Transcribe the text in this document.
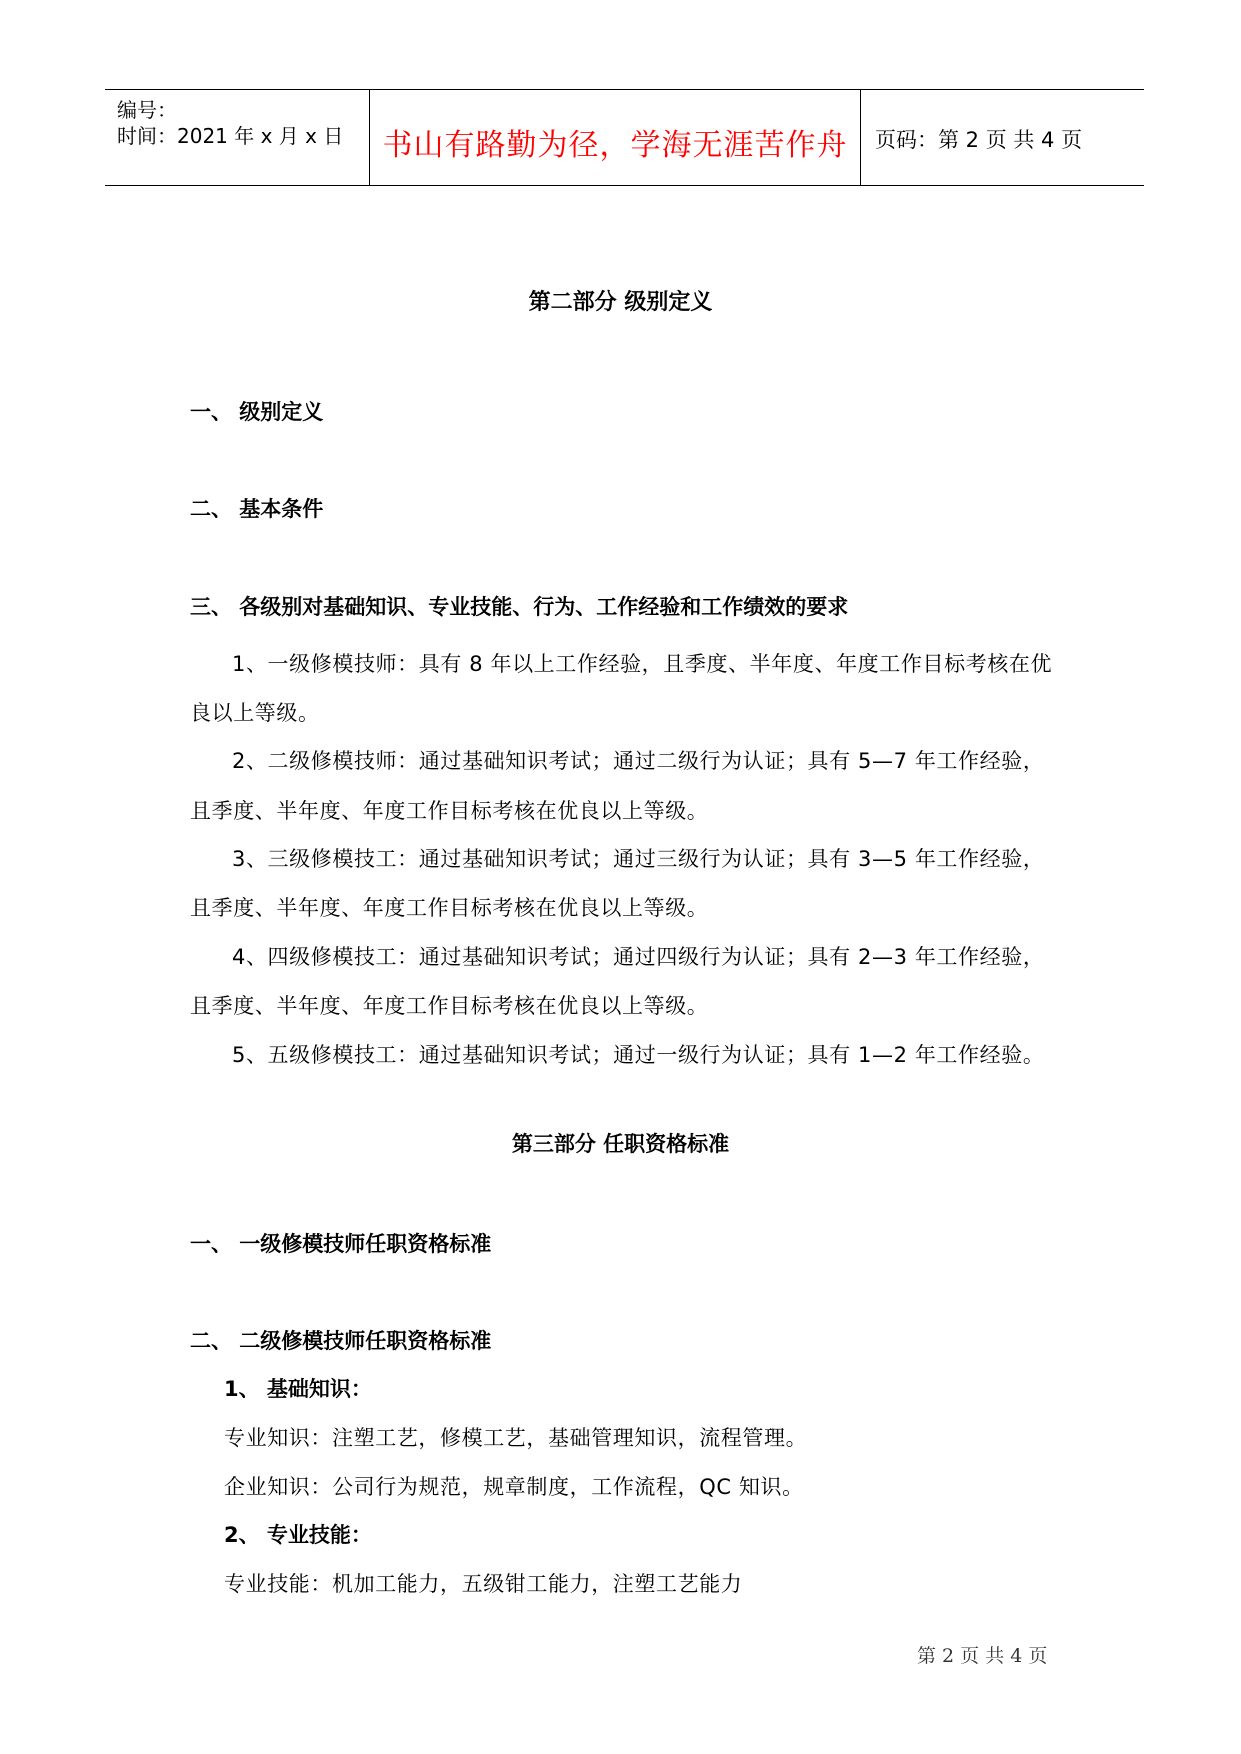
编号：
时间：2021 年 x 月 x 日	书山有路勤为径，学海无涯苦作舟	页码：第 2 页 共 4 页
第二部分 级别定义
一、 级别定义
二、 基本条件
三、 各级别对基础知识、专业技能、行为、工作经验和工作绩效的要求
1、一级修模技师：具有 8 年以上工作经验，且季度、半年度、年度工作目标考核在优
良以上等级。
2、二级修模技师：通过基础知识考试；通过二级行为认证；具有 5—7 年工作经验，
且季度、半年度、年度工作目标考核在优良以上等级。
3、三级修模技工：通过基础知识考试；通过三级行为认证；具有 3—5 年工作经验，
且季度、半年度、年度工作目标考核在优良以上等级。
4、四级修模技工：通过基础知识考试；通过四级行为认证；具有 2—3 年工作经验，
且季度、半年度、年度工作目标考核在优良以上等级。
5、五级修模技工：通过基础知识考试；通过一级行为认证；具有 1—2 年工作经验。
第三部分 任职资格标准
一、 一级修模技师任职资格标准
二、 二级修模技师任职资格标准
1、 基础知识：
专业知识：注塑工艺，修模工艺，基础管理知识，流程管理。
企业知识：公司行为规范，规章制度，工作流程，QC 知识。
2、 专业技能：
专业技能：机加工能力，五级钳工能力，注塑工艺能力
第 2 页 共 4 页
